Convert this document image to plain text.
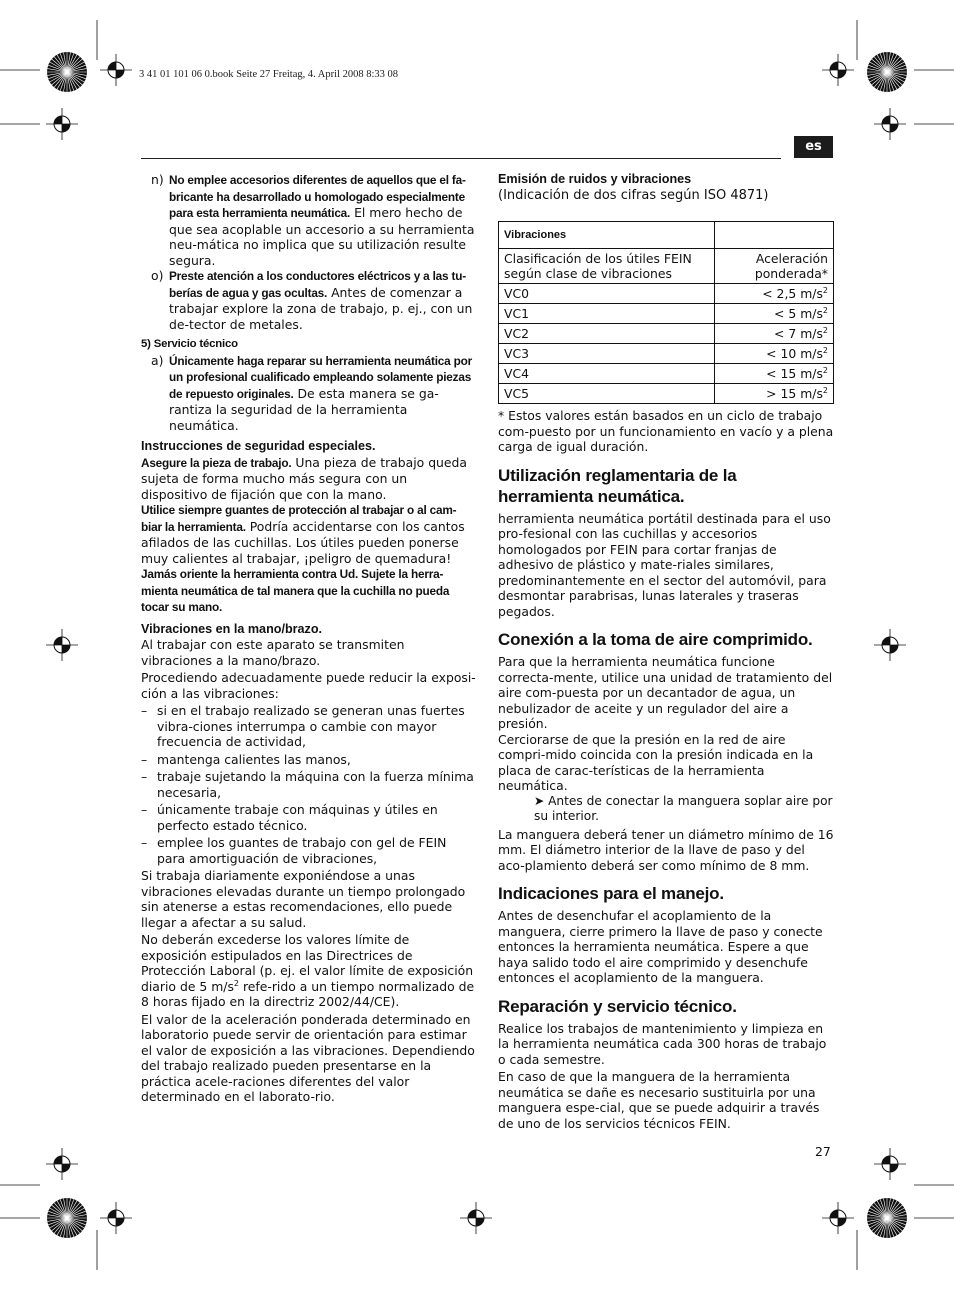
3 41 01 101 06 0.book Seite 27 Freitag, 4. April 2008 8:33 08
es

n) No emplee accesorios diferentes de aquellos que el fa-bricante ha desarrollado u homologado especialmente para esta herramienta neumática. El mero hecho de que sea acoplable un accesorio a su herramienta neu-mática no implica que su utilización resulte segura.

o) Preste atención a los conductores eléctricos y a las tu-berías de agua y gas ocultas. Antes de comenzar a trabajar explore la zona de trabajo, p. ej., con un de-tector de metales.

5) Servicio técnico

a) Únicamente haga reparar su herramienta neumática por un profesional cualificado empleando solamente piezas de repuesto originales. De esta manera se ga-rantiza la seguridad de la herramienta neumática.

Instrucciones de seguridad especiales.

Asegure la pieza de trabajo. Una pieza de trabajo queda sujeta de forma mucho más segura con un dispositivo de fijación que con la mano.

Utilice siempre guantes de protección al trabajar o al cam-biar la herramienta. Podría accidentarse con los cantos afilados de las cuchillas. Los útiles pueden ponerse muy calientes al trabajar, ¡peligro de quemadura!

Jamás oriente la herramienta contra Ud. Sujete la herra-mienta neumática de tal manera que la cuchilla no pueda tocar su mano.

Vibraciones en la mano/brazo.

Al trabajar con este aparato se transmiten vibraciones a la mano/brazo.

Procediendo adecuadamente puede reducir la exposi-ción a las vibraciones:

– si en el trabajo realizado se generan unas fuertes vibra-ciones interrumpa o cambie con mayor frecuencia de actividad,

– mantenga calientes las manos,

– trabaje sujetando la máquina con la fuerza mínima necesaria,

– únicamente trabaje con máquinas y útiles en perfecto estado técnico.

– emplee los guantes de trabajo con gel de FEIN para amortiguación de vibraciones,

Si trabaja diariamente exponiéndose a unas vibraciones elevadas durante un tiempo prolongado sin atenerse a estas recomendaciones, ello puede llegar a afectar a su salud.

No deberán excederse los valores límite de exposición estipulados en las Directrices de Protección Laboral (p. ej. el valor límite de exposición diario de 5 $m/s^2$ refe-rido a un tiempo normalizado de 8 horas fijado en la directriz 2002/44/CE).

El valor de la aceleración ponderada determinado en laboratorio puede servir de orientación para estimar el valor de exposición a las vibraciones. Dependiendo del trabajo realizado pueden presentarse en la práctica acele-raciones diferentes del valor determinado en el laborato-rio.

Emisión de ruidos y vibraciones

(Indicación de dos cifras según ISO 4871)

Vibraciones	
Clasificación de los útiles FEIN según clase de vibraciones	Aceleración ponderada*
VC0	< 2,5 $m/s^2$
VC1	< 5 $m/s^2$
VC2	< 7 $m/s^2$
VC3	< 10 $m/s^2$
VC4	< 15 $m/s^2$
VC5	> 15 $m/s^2$

* Estos valores están basados en un ciclo de trabajo com-puesto por un funcionamiento en vacío y a plena carga de igual duración.

Utilización reglamentaria de la herramienta neumática.

herramienta neumática portátil destinada para el uso pro-fesional con las cuchillas y accesorios homologados por FEIN para cortar franjas de adhesivo de plástico y mate-riales similares, predominantemente en el sector del automóvil, para desmontar parabrisas, lunas laterales y traseras pegados.

Conexión a la toma de aire comprimido.

Para que la herramienta neumática funcione correcta-mente, utilice una unidad de tratamiento del aire com-puesta por un decantador de agua, un nebulizador de aceite y un regulador del aire a presión.

Cerciorarse de que la presión en la red de aire compri-mido coincida con la presión indicada en la placa de carac-terísticas de la herramienta neumática.

➤ Antes de conectar la manguera soplar aire por su interior.

La manguera deberá tener un diámetro mínimo de 16 mm. El diámetro interior de la llave de paso y del aco-plamiento deberá ser como mínimo de 8 mm.

Indicaciones para el manejo.

Antes de desenchufar el acoplamiento de la manguera, cierre primero la llave de paso y conecte entonces la herramienta neumática. Espere a que haya salido todo el aire comprimido y desenchufe entonces el acoplamiento de la manguera.

Reparación y servicio técnico.

Realice los trabajos de mantenimiento y limpieza en la herramienta neumática cada 300 horas de trabajo o cada semestre.

En caso de que la manguera de la herramienta neumática se dañe es necesario sustituirla por una manguera espe-cial, que se puede adquirir a través de uno de los servicios técnicos FEIN.

27
